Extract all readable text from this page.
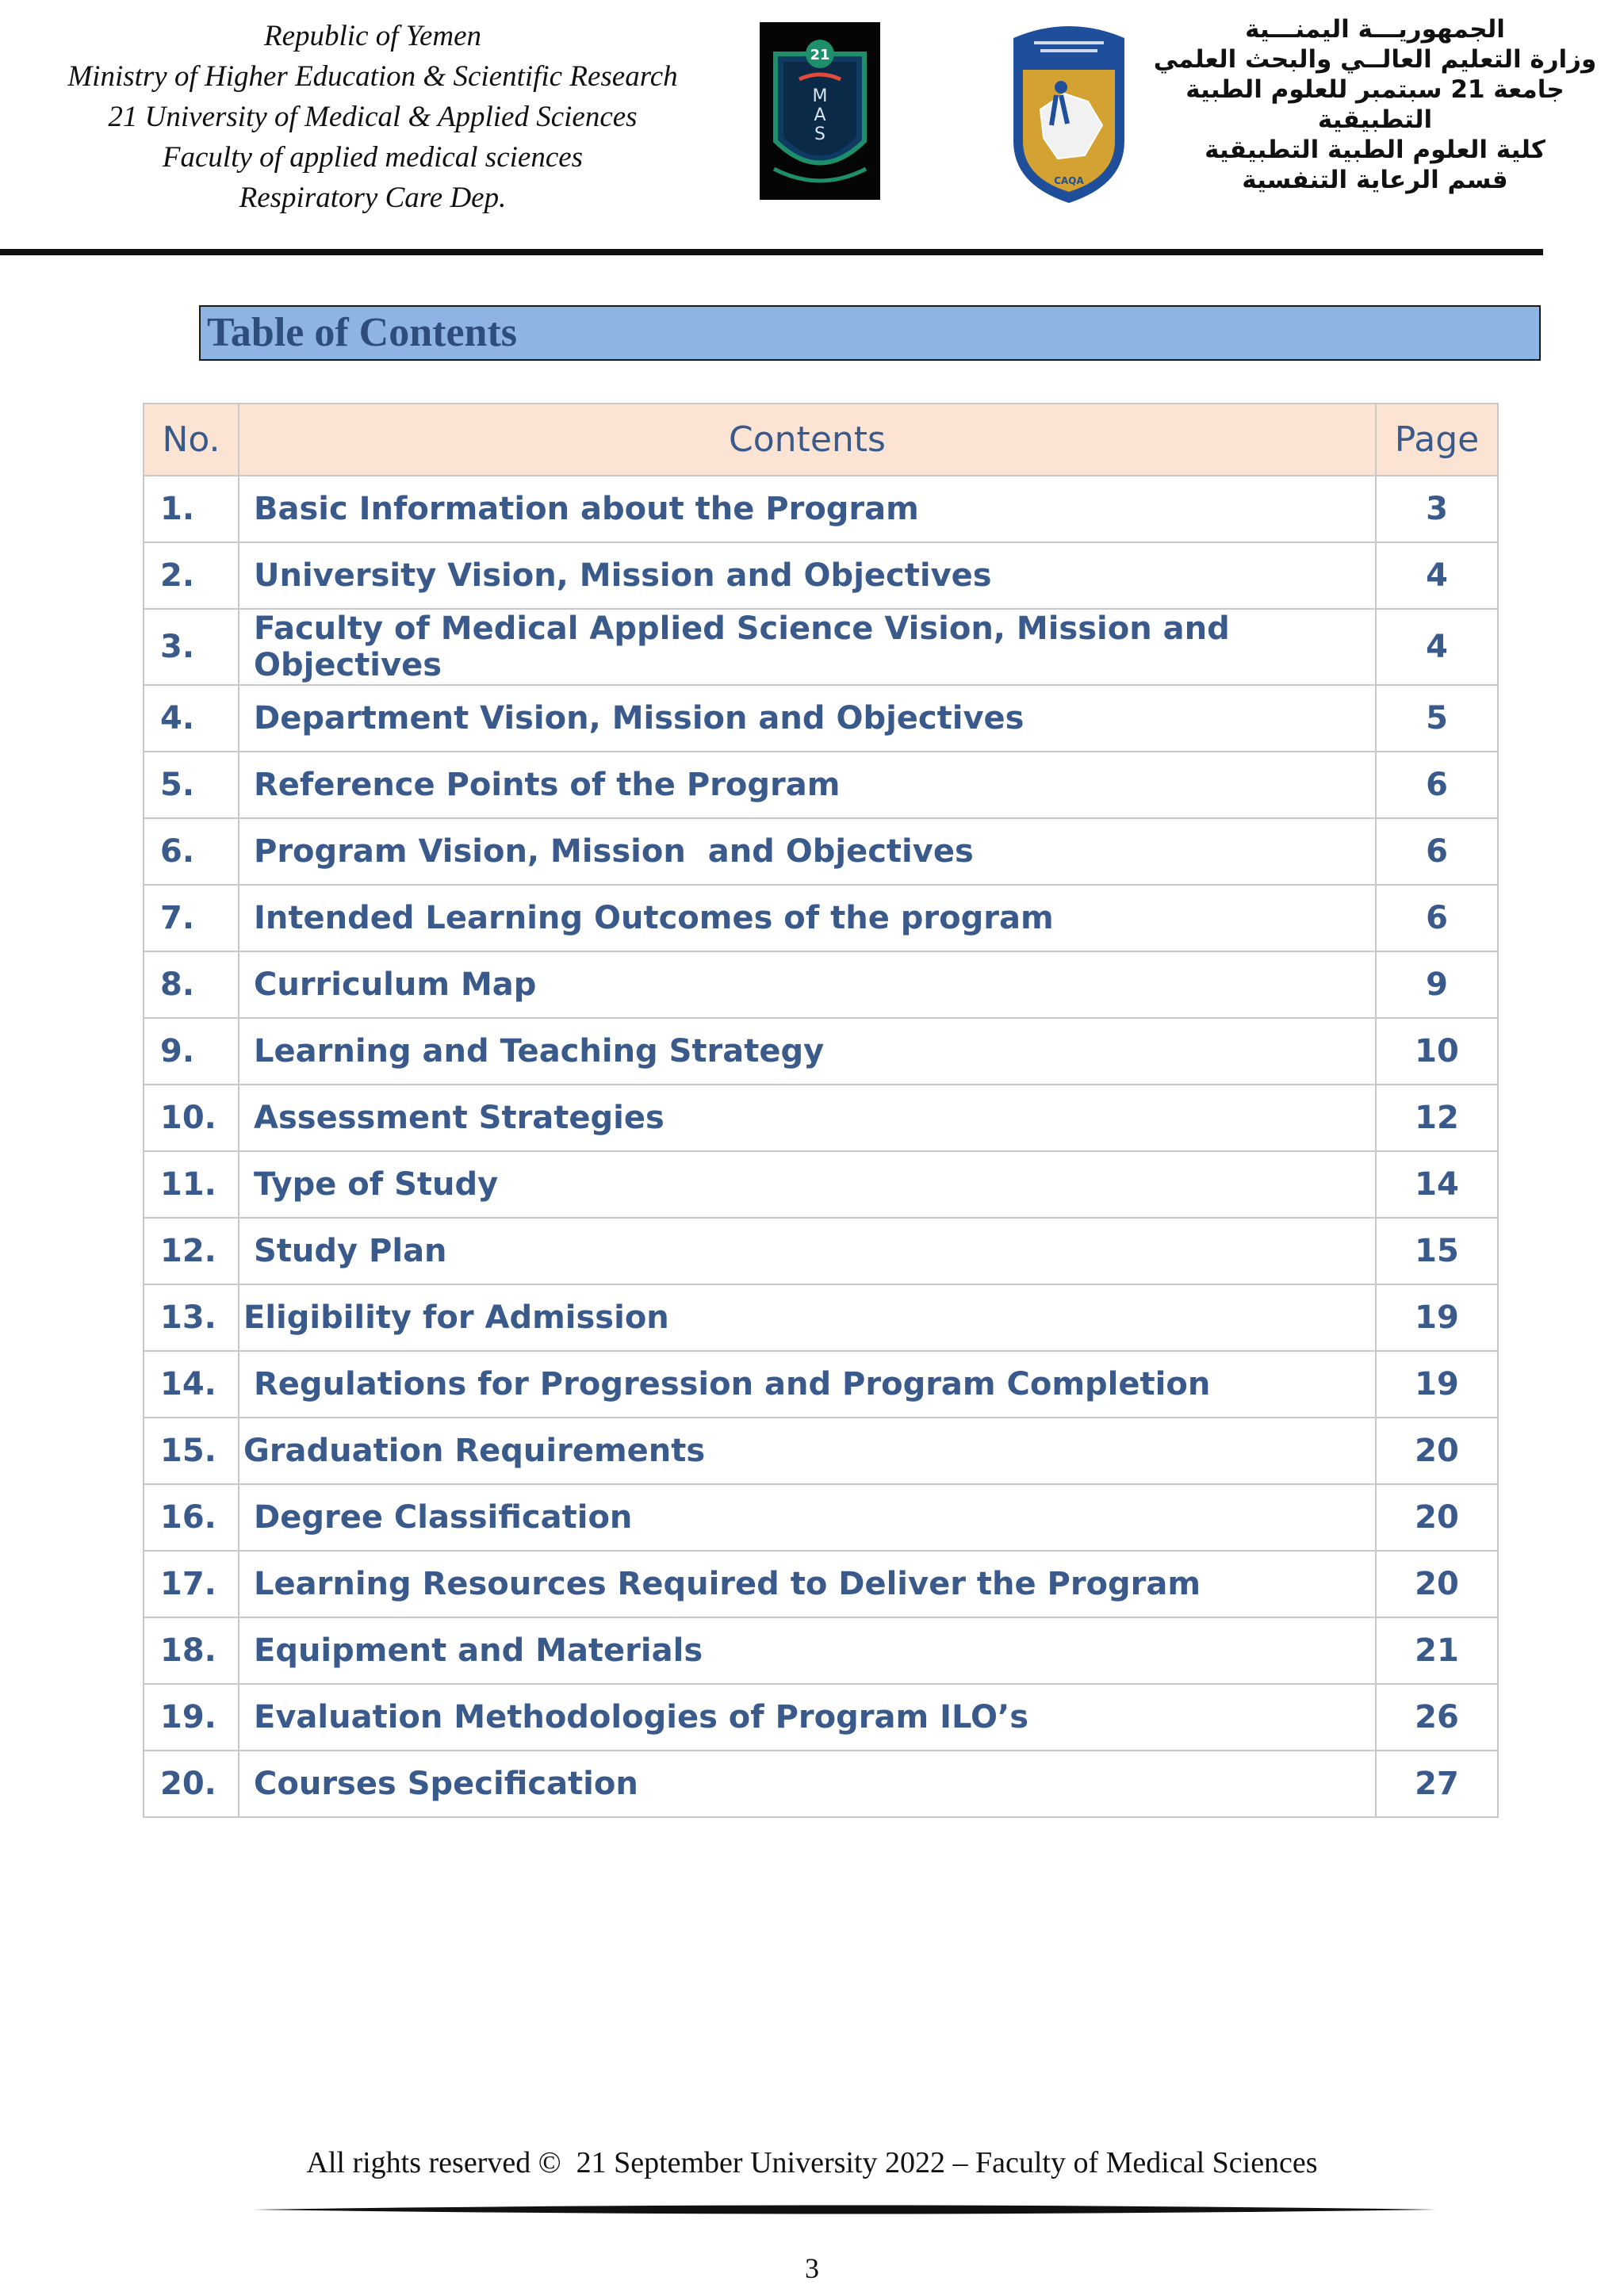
Republic of Yemen
Ministry of Higher Education & Scientific Research
21 University of Medical & Applied Sciences
Faculty of applied medical sciences
Respiratory Care Dep.
21
M
A
S
CAQA
الجمهوريـــة اليمنـــية
وزارة التعليم العالــي والبحث العلمي
جامعة 21 سبتمبر للعلوم الطبية التطبيقية
كلية العلوم الطبية التطبيقية
قسم الرعاية التنفسية
Table of Contents
No.	Contents	Page
1.	Basic Information about the Program	3
2.	University Vision, Mission and Objectives	4
3.	Faculty of Medical Applied Science Vision, Mission and Objectives	4
4.	Department Vision, Mission and Objectives	5
5.	Reference Points of the Program	6
6.	Program Vision, Mission  and Objectives	6
7.	Intended Learning Outcomes of the program	6
8.	Curriculum Map	9
9.	Learning and Teaching Strategy	10
10.	Assessment Strategies	12
11.	Type of Study	14
12.	Study Plan	15
13.	Eligibility for Admission	19
14.	Regulations for Progression and Program Completion	19
15.	Graduation Requirements	20
16.	Degree Classification	20
17.	Learning Resources Required to Deliver the Program	20
18.	Equipment and Materials	21
19.	Evaluation Methodologies of Program ILO’s	26
20.	Courses Specification	27
All rights reserved ©  21 September University 2022 – Faculty of Medical Sciences
3
